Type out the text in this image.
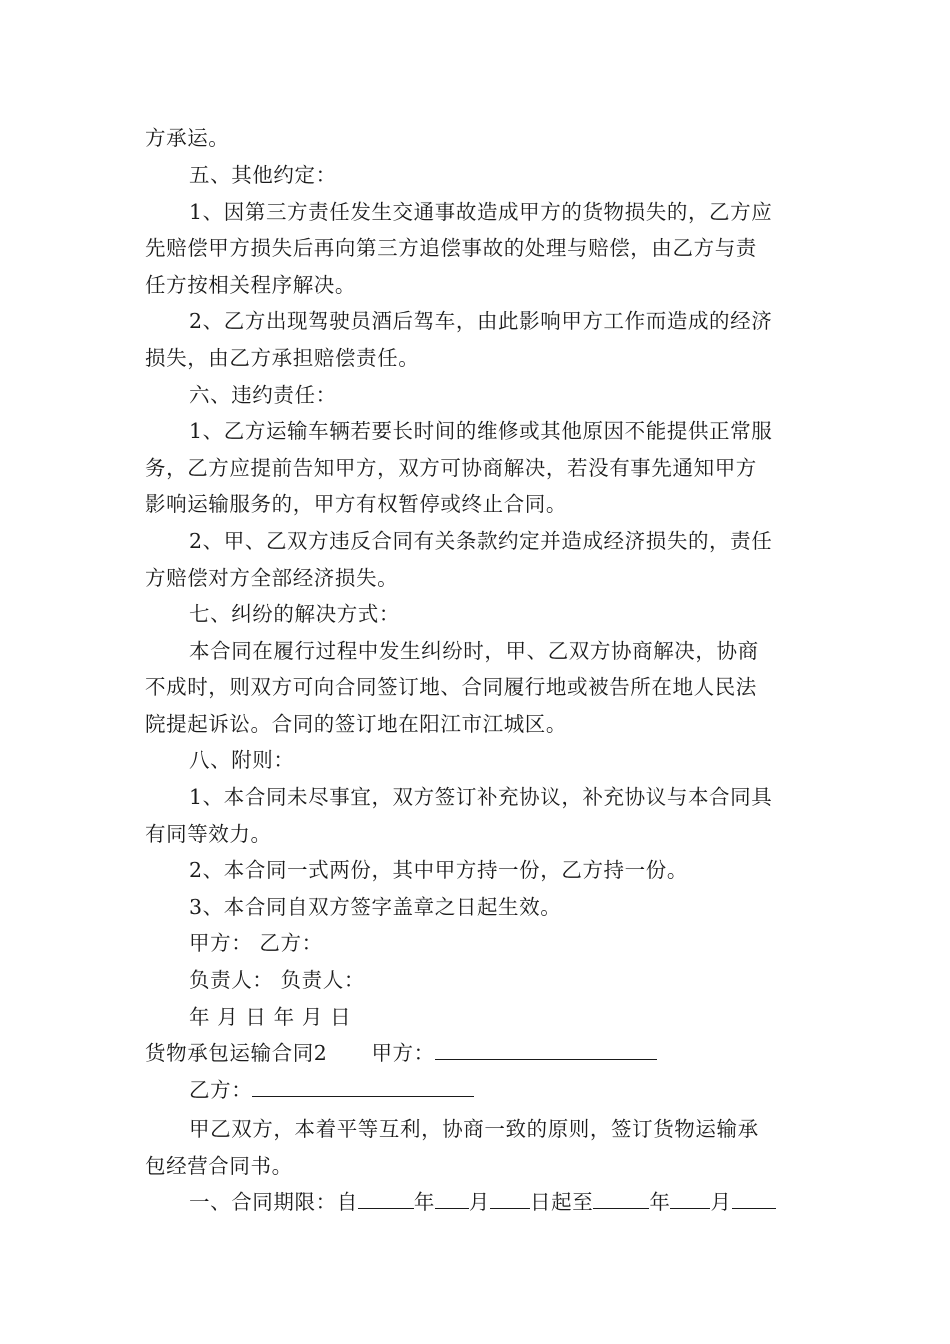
方承运。
五、其他约定：
1、因第三方责任发生交通事故造成甲方的货物损失的，乙方应
先赔偿甲方损失后再向第三方追偿事故的处理与赔偿，由乙方与责
任方按相关程序解决。
2、乙方出现驾驶员酒后驾车，由此影响甲方工作而造成的经济
损失，由乙方承担赔偿责任。
六、违约责任：
1、乙方运输车辆若要长时间的维修或其他原因不能提供正常服
务，乙方应提前告知甲方，双方可协商解决，若没有事先通知甲方
影响运输服务的，甲方有权暂停或终止合同。
2、甲、乙双方违反合同有关条款约定并造成经济损失的，责任
方赔偿对方全部经济损失。
七、纠纷的解决方式：
本合同在履行过程中发生纠纷时，甲、乙双方协商解决，协商
不成时，则双方可向合同签订地、合同履行地或被告所在地人民法
院提起诉讼。合同的签订地在阳江市江城区。
八、附则：
1、本合同未尽事宜，双方签订补充协议，补充协议与本合同具
有同等效力。
2、本合同一式两份，其中甲方持一份，乙方持一份。
3、本合同自双方签字盖章之日起生效。
甲方： 乙方：
负责人： 负责人：
年 月 日 年 月 日
货物承包运输合同2 甲方：
乙方：
甲乙双方，本着平等互利，协商一致的原则，签订货物运输承
包经营合同书。
一、合同期限：自	年 月 日起至	年 月
